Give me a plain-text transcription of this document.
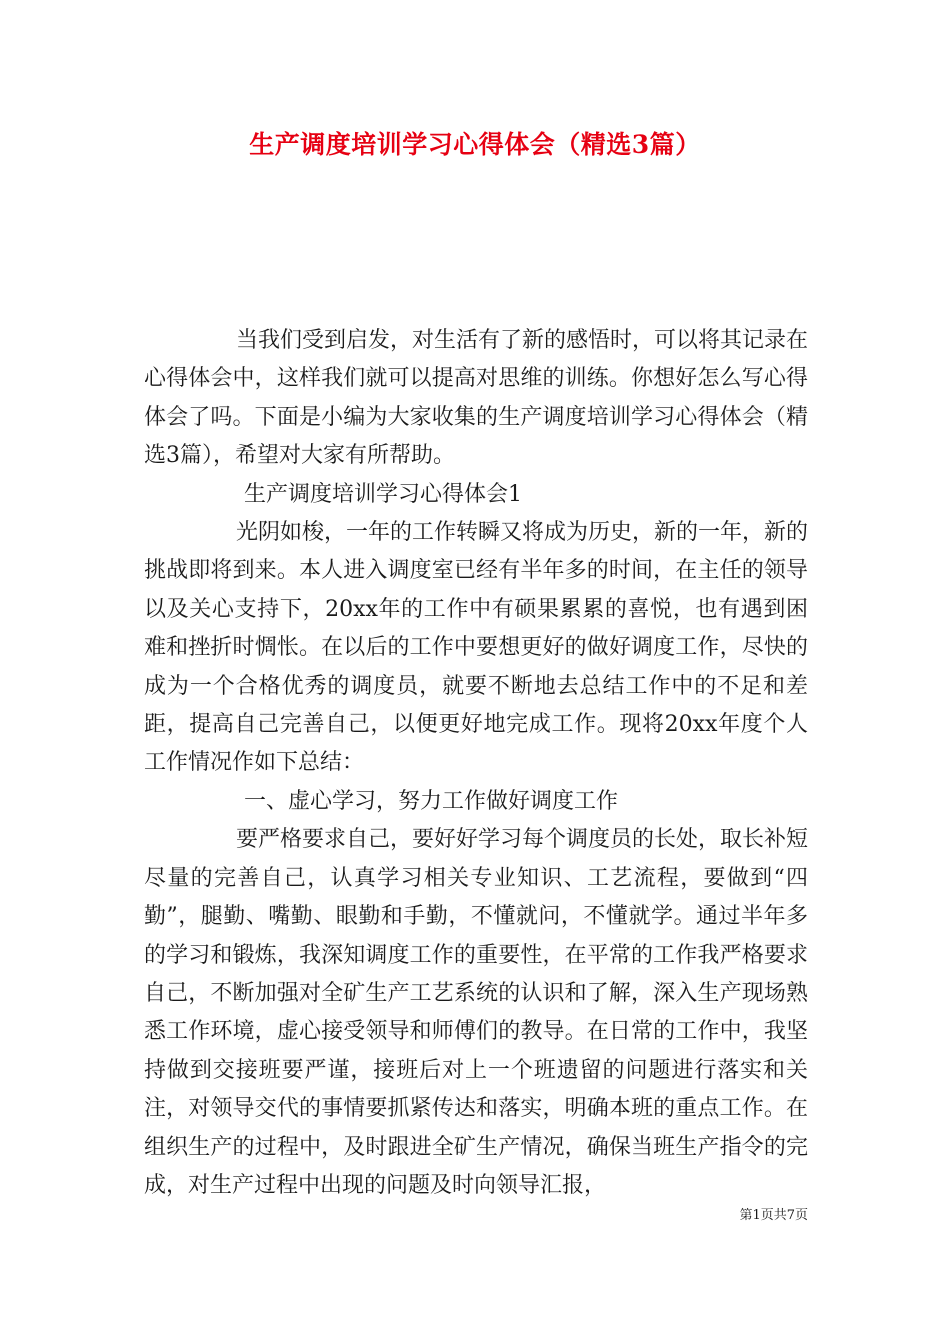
生产调度培训学习心得体会（精选3篇）

当我们受到启发，对生活有了新的感悟时，可以将其记录在心得体会中，这样我们就可以提高对思维的训练。你想好怎么写心得体会了吗。下面是小编为大家收集的生产调度培训学习心得体会（精选3篇），希望对大家有所帮助。

生产调度培训学习心得体会1

光阴如梭，一年的工作转瞬又将成为历史，新的一年，新的挑战即将到来。本人进入调度室已经有半年多的时间，在主任的领导以及关心支持下，20xx年的工作中有硕果累累的喜悦，也有遇到困难和挫折时惆怅。在以后的工作中要想更好的做好调度工作，尽快的成为一个合格优秀的调度员，就要不断地去总结工作中的不足和差距，提高自己完善自己，以便更好地完成工作。现将20xx年度个人工作情况作如下总结：

一、虚心学习，努力工作做好调度工作

要严格要求自己，要好好学习每个调度员的长处，取长补短尽量的完善自己，认真学习相关专业知识、工艺流程，要做到“四勤”，腿勤、嘴勤、眼勤和手勤，不懂就问，不懂就学。通过半年多的学习和锻炼，我深知调度工作的重要性，在平常的工作我严格要求自己，不断加强对全矿生产工艺系统的认识和了解，深入生产现场熟悉工作环境，虚心接受领导和师傅们的教导。在日常的工作中，我坚持做到交接班要严谨，接班后对上一个班遗留的问题进行落实和关注，对领导交代的事情要抓紧传达和落实，明确本班的重点工作。在组织生产的过程中，及时跟进全矿生产情况，确保当班生产指令的完成，对生产过程中出现的问题及时向领导汇报，

第1页共7页
